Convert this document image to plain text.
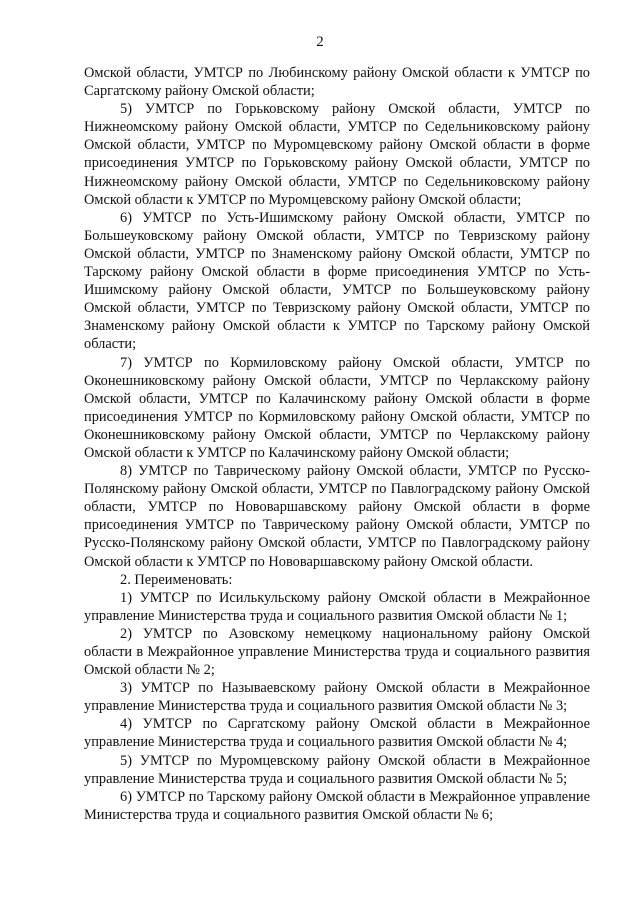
2

Омской области, УМТСР по Любинскому району Омской области к УМТСР по Саргатскому району Омской области;

5) УМТСР по Горьковскому району Омской области, УМТСР по Нижнеомскому району Омской области, УМТСР по Седельниковскому району Омской области, УМТСР по Муромцевскому району Омской области в форме присоединения УМТСР по Горьковскому району Омской области, УМТСР по Нижнеомскому району Омской области, УМТСР по Седельниковскому району Омской области к УМТСР по Муромцевскому району Омской области;

6) УМТСР по Усть-Ишимскому району Омской области, УМТСР по Большеуковскому району Омской области, УМТСР по Тевризскому району Омской области, УМТСР по Знаменскому району Омской области, УМТСР по Тарскому району Омской области в форме присоединения УМТСР по Усть-Ишимскому району Омской области, УМТСР по Большеуковскому району Омской области, УМТСР по Тевризскому району Омской области, УМТСР по Знаменскому району Омской области к УМТСР по Тарскому району Омской области;

7) УМТСР по Кормиловскому району Омской области, УМТСР по Оконешниковскому району Омской области, УМТСР по Черлакскому району Омской области, УМТСР по Калачинскому району Омской области в форме присоединения УМТСР по Кормиловскому району Омской области, УМТСР по Оконешниковскому району Омской области, УМТСР по Черлакскому району Омской области к УМТСР по Калачинскому району Омской области;

8) УМТСР по Таврическому району Омской области, УМТСР по Русско-Полянскому району Омской области, УМТСР по Павлоградскому району Омской области, УМТСР по Нововаршавскому району Омской области в форме присоединения УМТСР по Таврическому району Омской области, УМТСР по Русско-Полянскому району Омской области, УМТСР по Павлоградскому району Омской области к УМТСР по Нововаршавскому району Омской области.

2. Переименовать:

1) УМТСР по Исилькульскому району Омской области в Межрайонное управление Министерства труда и социального развития Омской области № 1;

2) УМТСР по Азовскому немецкому национальному району Омской области в Межрайонное управление Министерства труда и социального развития Омской области № 2;

3) УМТСР по Называевскому району Омской области в Межрайонное управление Министерства труда и социального развития Омской области № 3;

4) УМТСР по Саргатскому району Омской области в Межрайонное управление Министерства труда и социального развития Омской области № 4;

5) УМТСР по Муромцевскому району Омской области в Межрайонное управление Министерства труда и социального развития Омской области № 5;

6) УМТСР по Тарскому району Омской области в Межрайонное управление Министерства труда и социального развития Омской области № 6;
